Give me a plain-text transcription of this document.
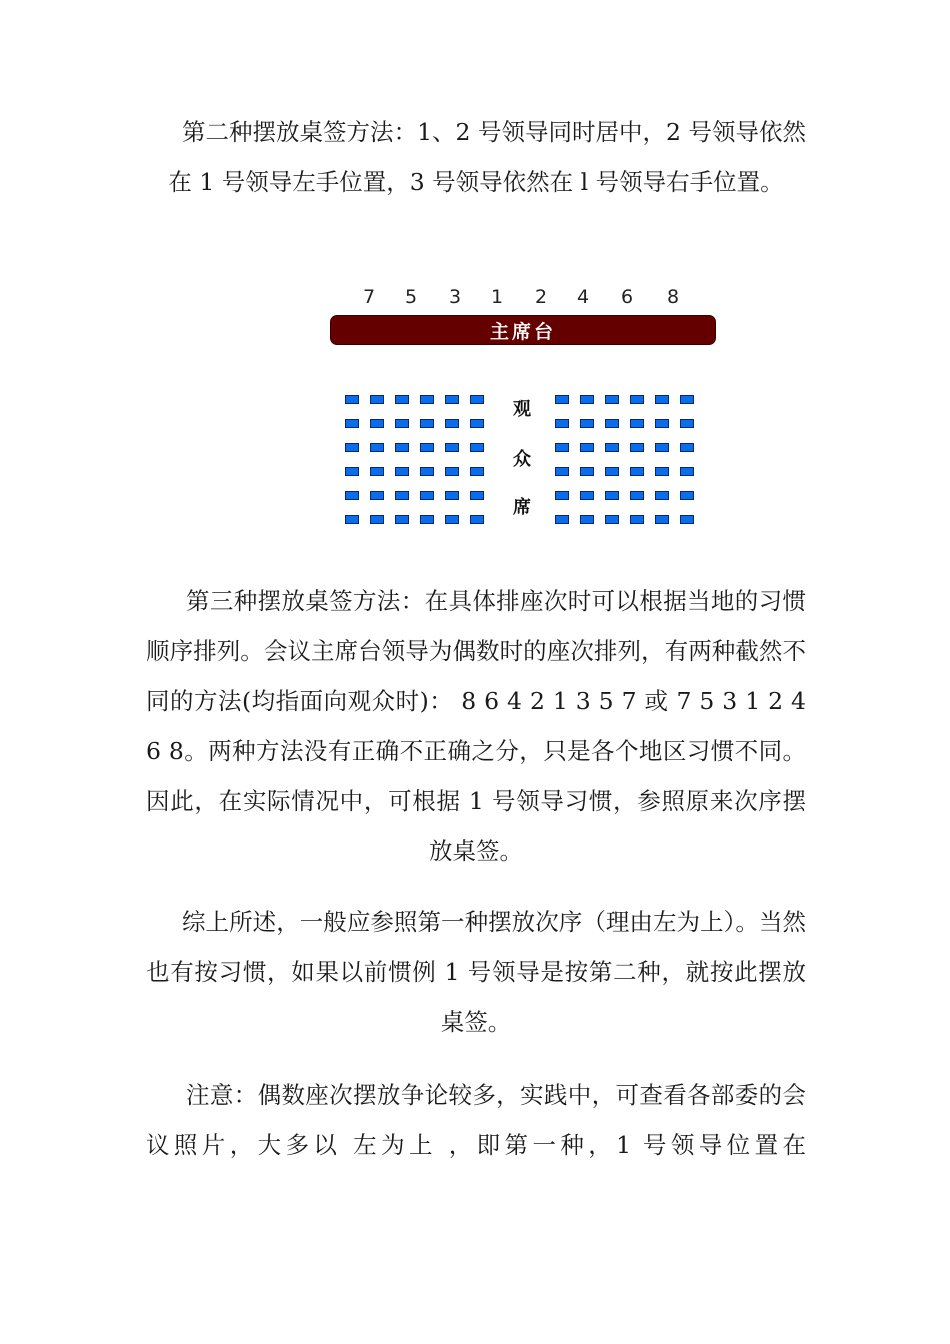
第二种摆放桌签方法：1、2 号领导同时居中，2 号领导依然在 1 号领导左手位置，3 号领导依然在 l 号领导右手位置。

7 5 3 1 2 4 6 8
主席台
观
众
席

第三种摆放桌签方法：在具体排座次时可以根据当地的习惯顺序排列。会议主席台领导为偶数时的座次排列，有两种截然不同的方法(均指面向观众时)： 8 6 4 2 1 3 5 7 或 7 5 3 1 2 4 6 8。两种方法没有正确不正确之分，只是各个地区习惯不同。因此，在实际情况中，可根据 1 号领导习惯，参照原来次序摆放桌签。

综上所述，一般应参照第一种摆放次序（理由左为上）。当然也有按习惯，如果以前惯例 1 号领导是按第二种，就按此摆放桌签。

注意：偶数座次摆放争论较多，实践中，可查看各部委的会议照片，大多以 左为上 ，即第一种，1 号领导位置在
